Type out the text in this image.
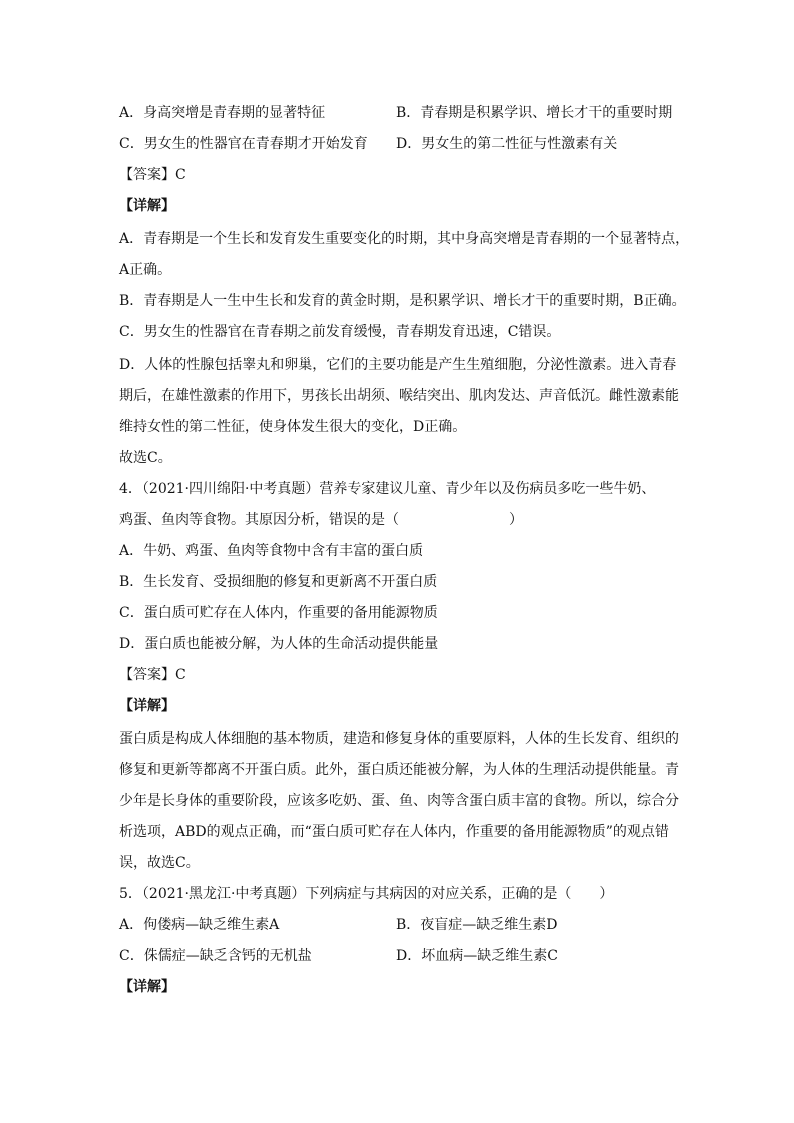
A．身高突增是青春期的显著特征	B．青春期是积累学识、增长才干的重要时期
C．男女生的性器官在青春期才开始发育 D．男女生的第二性征与性激素有关
【答案】C
【详解】
A．青春期是一个生长和发育发生重要变化的时期，其中身高突增是青春期的一个显著特点，
A正确。
B．青春期是人一生中生长和发育的黄金时期，是积累学识、增长才干的重要时期，B正确。
C．男女生的性器官在青春期之前发育缓慢，青春期发育迅速，C错误。
D．人体的性腺包括睾丸和卵巢，它们的主要功能是产生生殖细胞，分泌性激素。进入青春
期后，在雄性激素的作用下，男孩长出胡须、喉结突出、肌肉发达、声音低沉。雌性激素能
维持女性的第二性征，使身体发生很大的变化，D正确。
故选C。
4．（2021·四川绵阳·中考真题）营养专家建议儿童、青少年以及伤病员多吃一些牛奶、
鸡蛋、鱼肉等食物。其原因分析，错误的是（	）
A．牛奶、鸡蛋、鱼肉等食物中含有丰富的蛋白质
B．生长发育、受损细胞的修复和更新离不开蛋白质
C．蛋白质可贮存在人体内，作重要的备用能源物质
D．蛋白质也能被分解，为人体的生命活动提供能量
【答案】C
【详解】
蛋白质是构成人体细胞的基本物质，建造和修复身体的重要原料，人体的生长发育、组织的
修复和更新等都离不开蛋白质。此外，蛋白质还能被分解，为人体的生理活动提供能量。青
少年是长身体的重要阶段，应该多吃奶、蛋、鱼、肉等含蛋白质丰富的食物。所以，综合分
析选项，ABD的观点正确，而“蛋白质可贮存在人体内，作重要的备用能源物质”的观点错
误，故选C。
5．（2021·黑龙江·中考真题）下列病症与其病因的对应关系，正确的是（　　）
A．佝偻病—缺乏维生素A	B．夜盲症—缺乏维生素D
C．侏儒症—缺乏含钙的无机盐	D．坏血病—缺乏维生素C
【详解】
